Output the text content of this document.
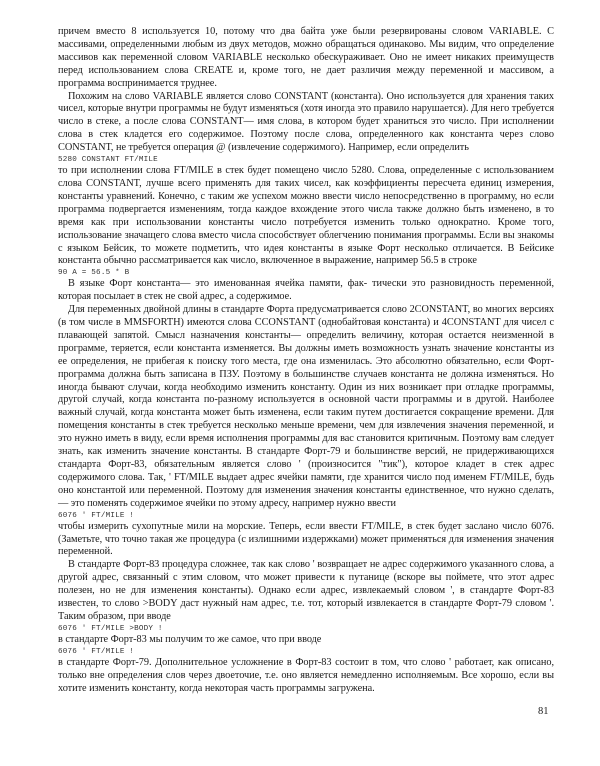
причем вместо 8 используется 10, потому что два байта уже были резервированы словом VARIABLE. С массивами, определенными любым из двух методов, можно обращаться одинаково. Мы видим, что определение массивов как переменной словом VARIABLE несколько обескураживает. Оно не имеет никаких преимуществ перед использованием слова CREATE и, кроме того, не дает различия между переменной и массивом, а программа воспринимается труднее.

Похожим на слово VARIABLE является слово CONSTANT (константа). Оно используется для хранения таких чисел, которые внутри программы не будут изменяться (хотя иногда это правило нарушается). Для него требуется число в стеке, а после слова CONSTANT— имя слова, в котором будет храниться это число. При исполнении слова в стек кладется его содержимое. Поэтому после слова, определенного как константа через слово CONSTANT, не требуется операция @ (извлечение содержимого). Например, если определить

5280 CONSTANT FT/MILE

то при исполнении слова FT/MILE в стек будет помещено число 5280. Слова, определенные с использованием слова CONSTANT, лучше всего применять для таких чисел, как коэффициенты пересчета единиц измерения, константы уравнений. Конечно, с таким же успехом можно ввести число непосредственно в программу, но если программа подвергается изменениям, тогда каждое вхождение этого числа также должно быть изменено, в то время как при использовании константы число потребуется изменить только однократно. Кроме того, использование значащего слова вместо числа способствует облегчению понимания программы. Если вы знакомы с языком Бейсик, то можете подметить, что идея константы в языке Форт несколько отличается. В Бейсике константа обычно рассматривается как число, включенное в выражение, например 56.5 в строке

90 A = 56.5 * B

В языке Форт константа— это именованная ячейка памяти, фак- тически это разновидность переменной, которая посылает в стек не свой адрес, а содержимое.

Для переменных двойной длины в стандарте Форта предусматривается слово 2CONSTANT, во многих версиях (в том числе в MMSFORTH) имеются слова CCONSTANT (однобайтовая константа) и 4CONSTANT для чисел с плавающей запятой. Смысл назначения константы— определить величину, которая остается неизменной в программе, теряется, если константа изменяется. Вы должны иметь возможность узнать значение константы из ее определения, не прибегая к поиску того места, где она изменилась. Это абсолютно обязательно, если Форт-программа должна быть записана в ПЗУ. Поэтому в большинстве случаев константа не должна изменяться. Но иногда бывают случаи, когда необходимо изменить константу. Один из них возникает при отладке программы, другой случай, когда константа по-разному используется в основной части программы и в другой. Наиболее важный случай, когда константа может быть изменена, если таким путем достигается сокращение времени. Для помещения константы в стек требуется несколько меньше времени, чем для извлечения значения переменной, и это нужно иметь в виду, если время исполнения программы для вас становится критичным. Поэтому вам следует знать, как изменить значение константы. В стандарте Форт-79 и большинстве версий, не придерживающихся стандарта Форт-83, обязательным является слово ' (произносится "тик"), которое кладет в стек адрес содержимого слова. Так, ' FT/MILE выдает адрес ячейки памяти, где хранится число под именем FT/MILE, будь оно константой или переменной. Поэтому для изменения значения константы единственное, что нужно сделать,— это поменять содержимое ячейки по этому адресу, например нужно ввести

6076 ' FT/MILE !

чтобы измерить сухопутные мили на морские. Теперь, если ввести FT/MILE, в стек будет заслано число 6076. (Заметьте, что точно такая же процедура (с излишними издержками) может применяться для изменения значения переменной.

В стандарте Форт-83 процедура сложнее, так как слово ' возвращает не адрес содержимого указанного слова, а другой адрес, связанный с этим словом, что может привести к путанице (вскоре вы поймете, что этот адрес полезен, но не для изменения константы). Однако если адрес, извлекаемый словом ', в стандарте Форт-83 известен, то слово >BODY даст нужный нам адрес, т.е. тот, который извлекается в стандарте Форт-79 словом '. Таким образом, при вводе

6076 ' FT/MILE >BODY !

в стандарте Форт-83 мы получим то же самое, что при вводе

6076 ' FT/MILE !

в стандарте Форт-79. Дополнительное усложнение в Форт-83 состоит в том, что слово ' работает, как описано, только вне определения слов через двоеточие, т.е. оно является немедленно исполняемым. Все хорошо, если вы хотите изменить константу, когда некоторая часть программы загружена.

81
